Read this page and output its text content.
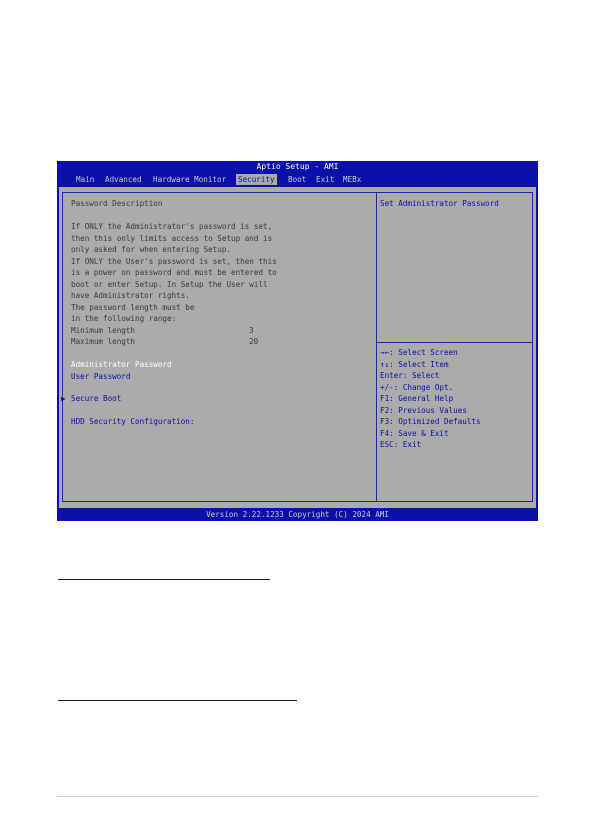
Aptio Setup - AMI
Main Advanced Hardware Monitor Security Boot Exit MEBx
Password Description
If ONLY the Administrator's password is set,
then this only limits access to Setup and is
only asked for when entering Setup.
If ONLY the User's password is set, then this
is a power on password and must be entered to
boot or enter Setup. In Setup the User will
have Administrator rights.
The password length must be
in the following range:
Minimum length	3
Maximum length	20
Administrator Password
User Password
▶ Secure Boot
HDD Security Configuration:
Set Administrator Password
→←: Select Screen
↑↓: Select Item
Enter: Select
+/-: Change Opt.
F1: General Help
F2: Previous Values
F3: Optimized Defaults
F4: Save & Exit
ESC: Exit
Version 2.22.1233 Copyright (C) 2024 AMI
